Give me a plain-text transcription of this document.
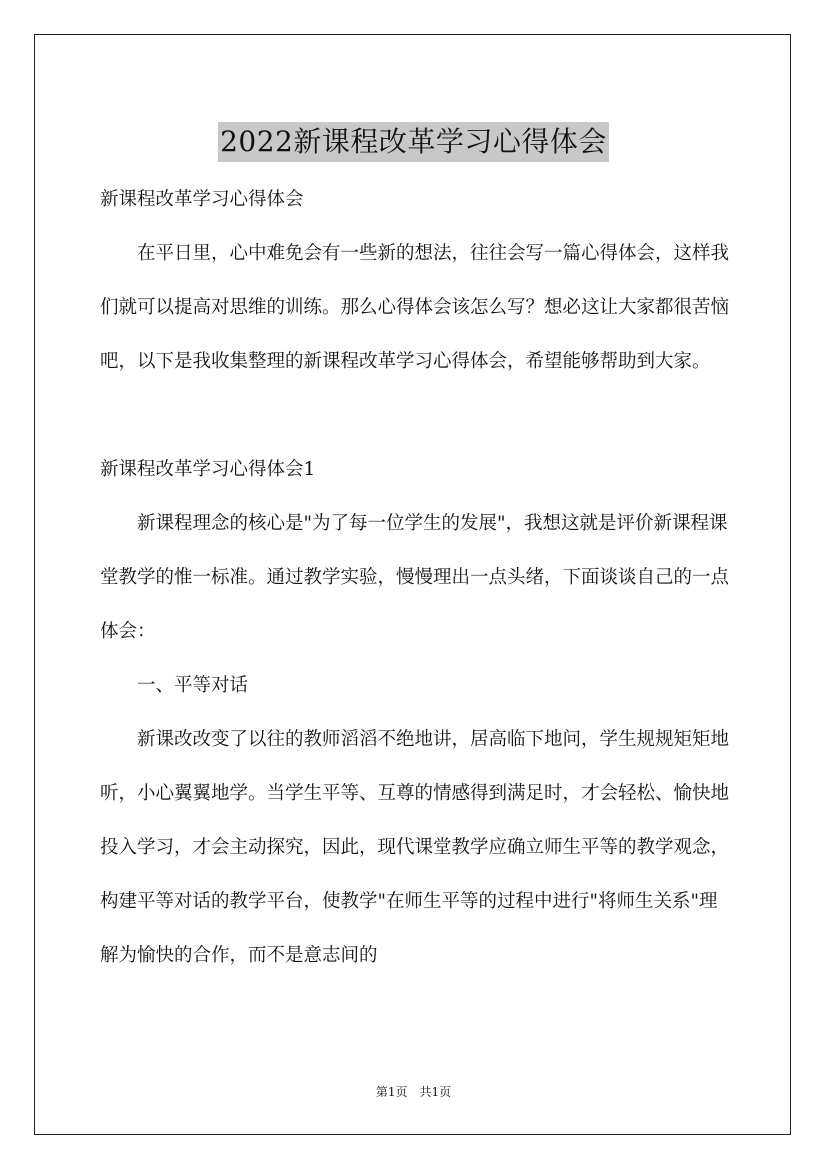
2022新课程改革学习心得体会

新课程改革学习心得体会

在平日里，心中难免会有一些新的想法，往往会写一篇心得体会，这样我们就可以提高对思维的训练。那么心得体会该怎么写？想必这让大家都很苦恼吧，以下是我收集整理的新课程改革学习心得体会，希望能够帮助到大家。

新课程改革学习心得体会1

新课程理念的核心是"为了每一位学生的发展"，我想这就是评价新课程课堂教学的惟一标准。通过教学实验，慢慢理出一点头绪，下面谈谈自己的一点体会：

一、平等对话

新课改改变了以往的教师滔滔不绝地讲，居高临下地问，学生规规矩矩地听，小心翼翼地学。当学生平等、互尊的情感得到满足时，才会轻松、愉快地投入学习，才会主动探究，因此，现代课堂教学应确立师生平等的教学观念，构建平等对话的教学平台，使教学"在师生平等的过程中进行"将师生关系"理解为愉快的合作，而不是意志间的

第1页　共1页
